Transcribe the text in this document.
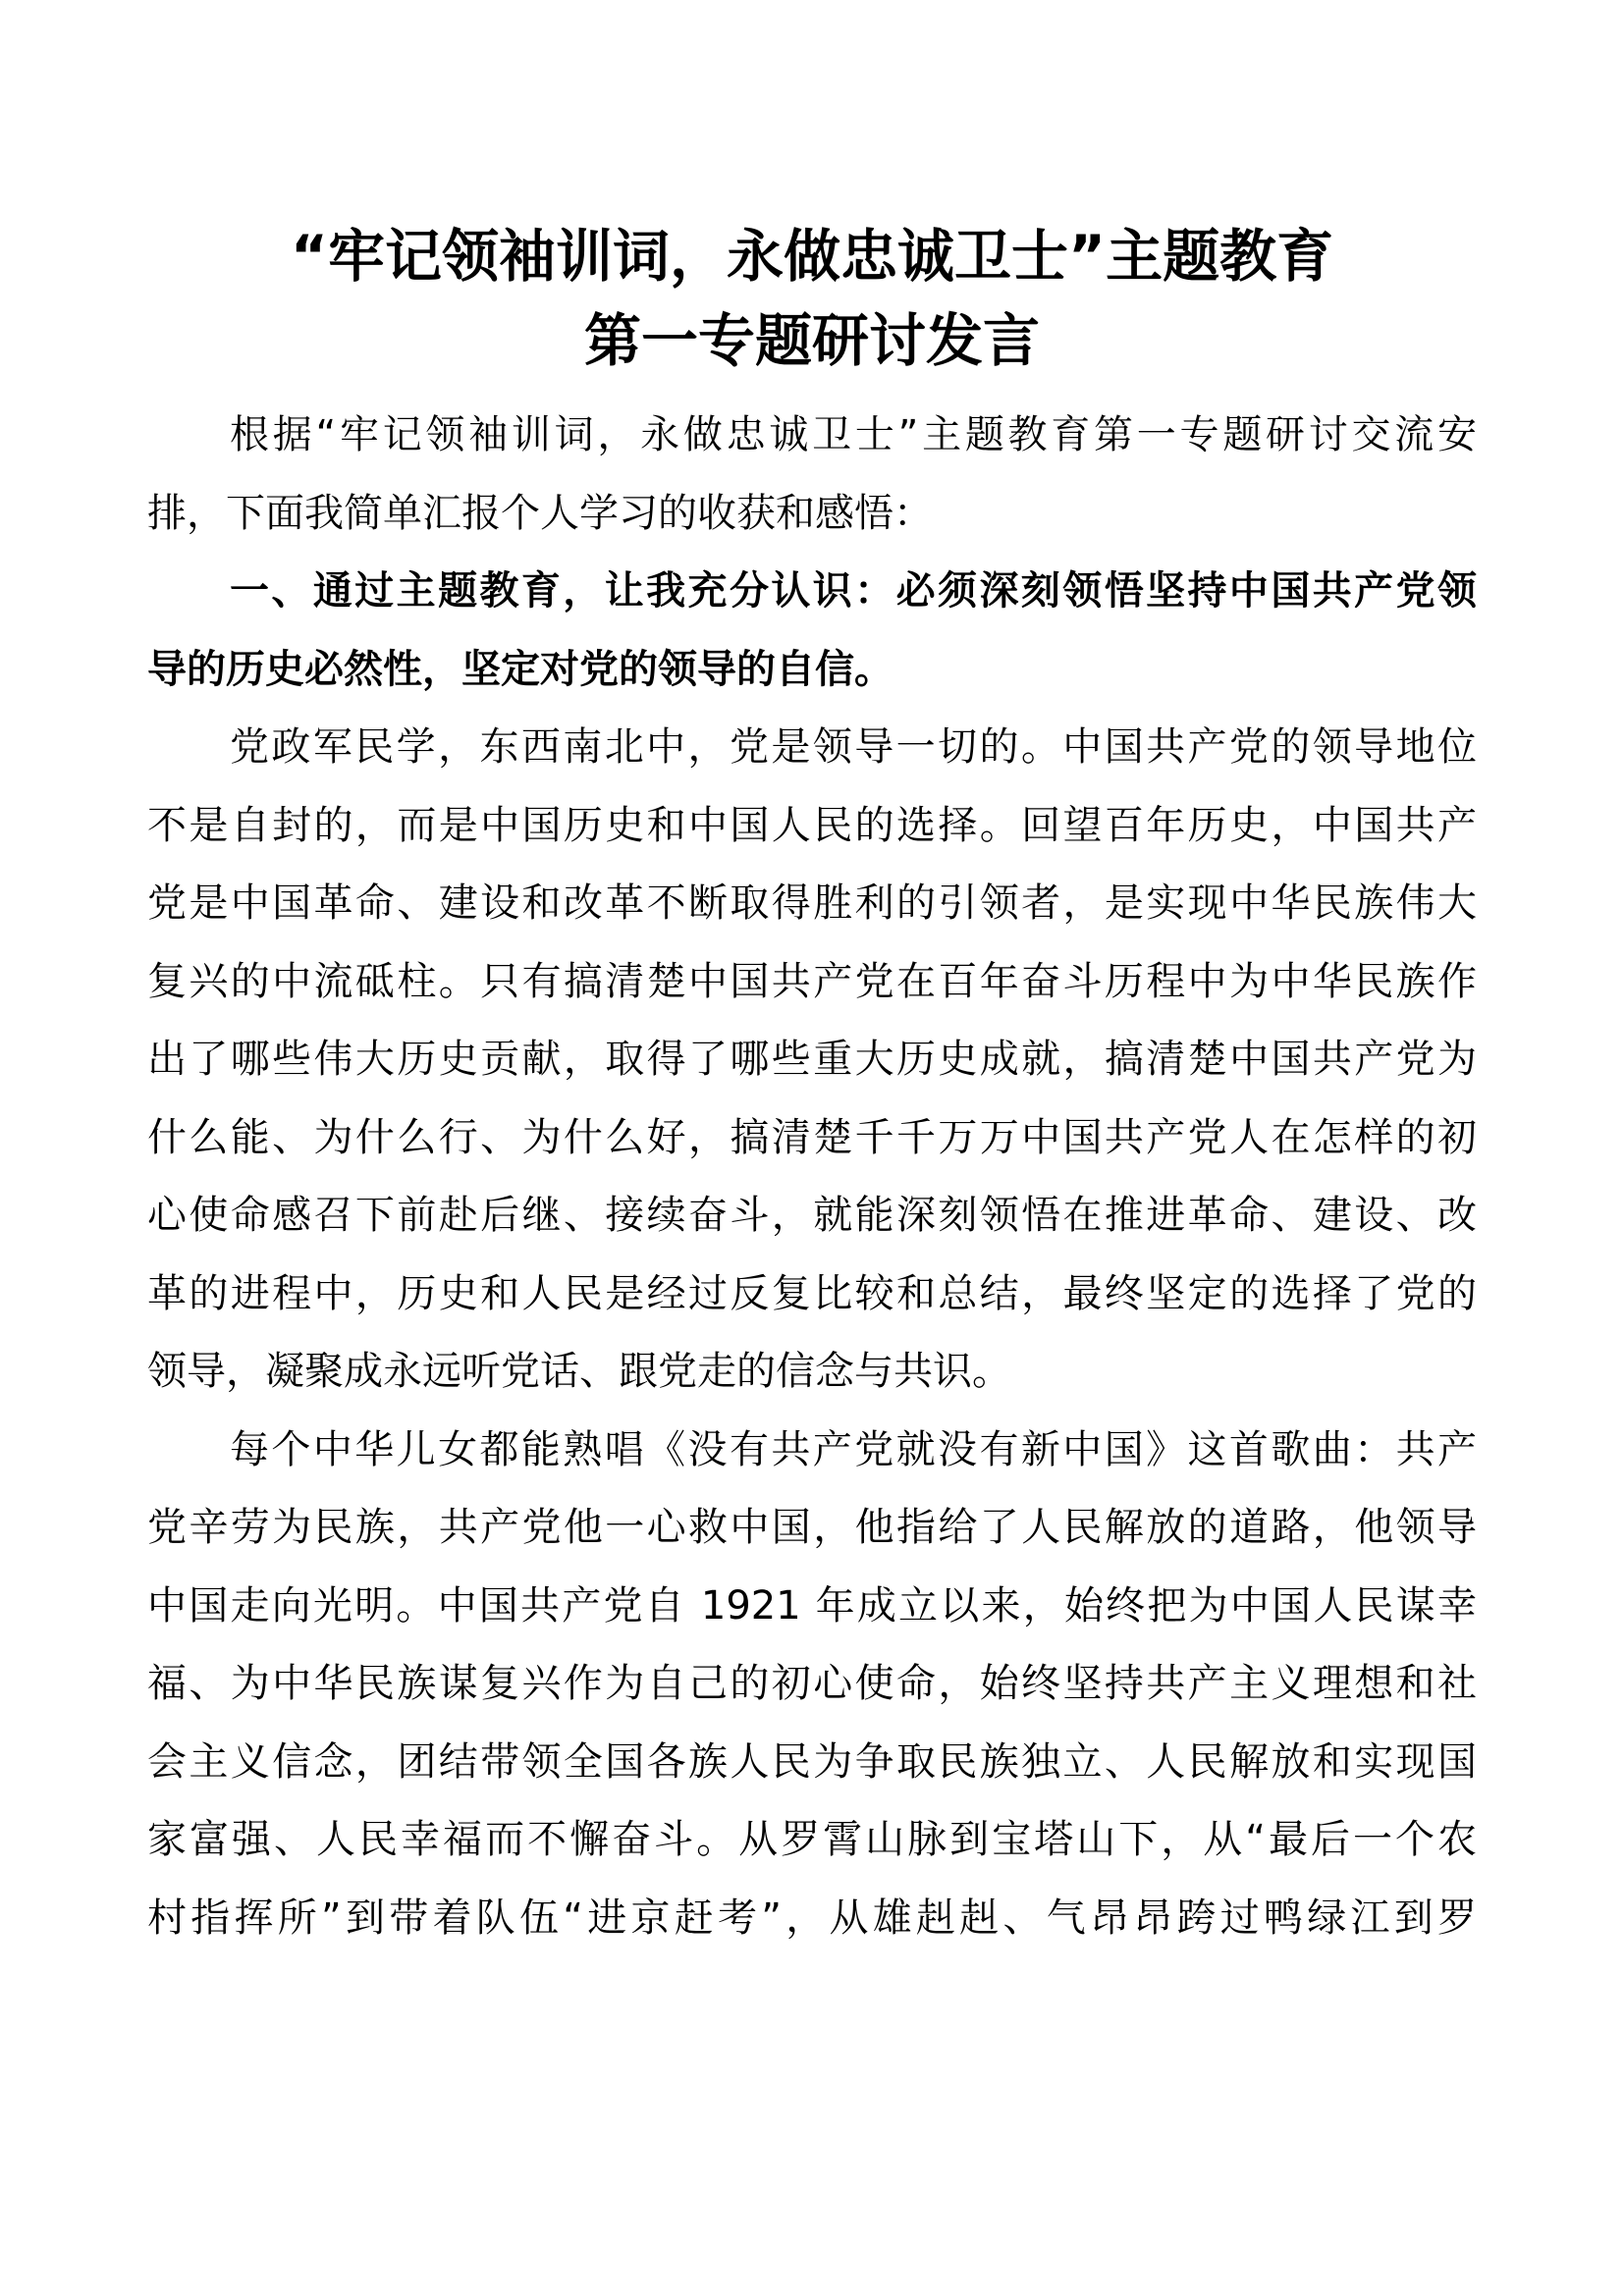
“牢记领袖训词，永做忠诚卫士”主题教育
第一专题研讨发言
根据“牢记领袖训词，永做忠诚卫士”主题教育第一专题研讨交流安
排，下面我简单汇报个人学习的收获和感悟：
一、通过主题教育，让我充分认识：必须深刻领悟坚持中国共产党领
导的历史必然性，坚定对党的领导的自信。
党政军民学，东西南北中，党是领导一切的。中国共产党的领导地位
不是自封的，而是中国历史和中国人民的选择。回望百年历史，中国共产
党是中国革命、建设和改革不断取得胜利的引领者，是实现中华民族伟大
复兴的中流砥柱。只有搞清楚中国共产党在百年奋斗历程中为中华民族作
出了哪些伟大历史贡献，取得了哪些重大历史成就，搞清楚中国共产党为
什么能、为什么行、为什么好，搞清楚千千万万中国共产党人在怎样的初
心使命感召下前赴后继、接续奋斗，就能深刻领悟在推进革命、建设、改
革的进程中，历史和人民是经过反复比较和总结，最终坚定的选择了党的
领导，凝聚成永远听党话、跟党走的信念与共识。
每个中华儿女都能熟唱《没有共产党就没有新中国》这首歌曲：共产
党辛劳为民族，共产党他一心救中国，他指给了人民解放的道路，他领导
中国走向光明。中国共产党自 1921 年成立以来，始终把为中国人民谋幸
福、为中华民族谋复兴作为自己的初心使命，始终坚持共产主义理想和社
会主义信念，团结带领全国各族人民为争取民族独立、人民解放和实现国
家富强、人民幸福而不懈奋斗。从罗霄山脉到宝塔山下，从“最后一个农
村指挥所”到带着队伍“进京赶考”，从雄赳赳、气昂昂跨过鸭绿江到罗
